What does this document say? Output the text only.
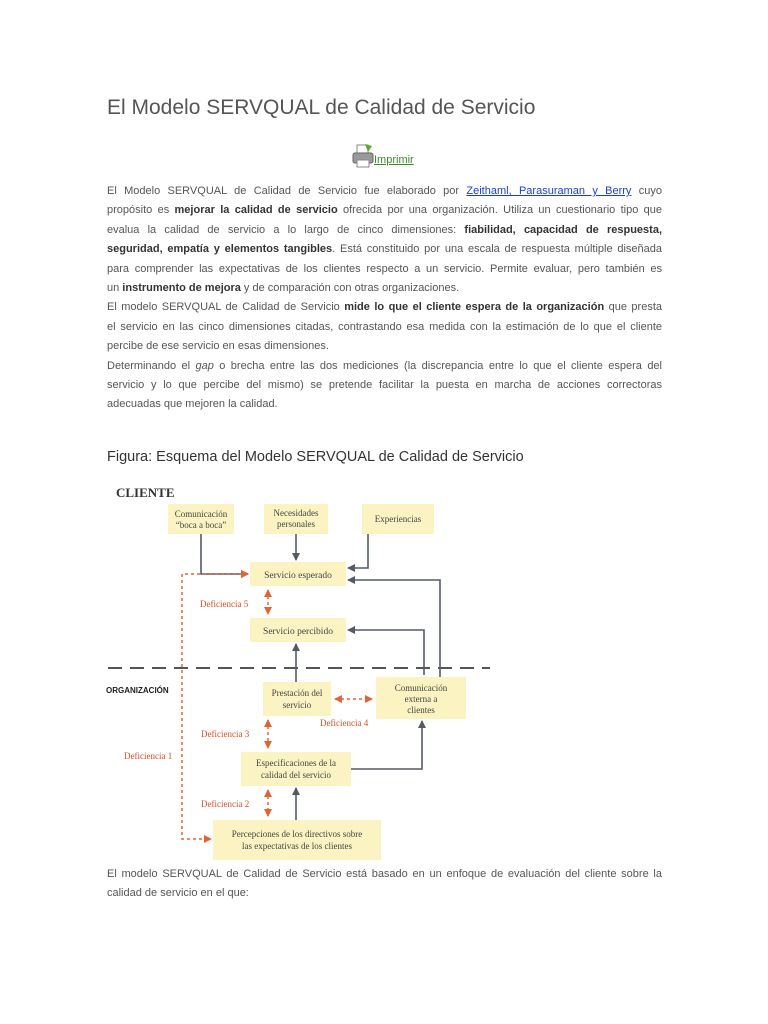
El Modelo SERVQUAL de Calidad de Servicio
Imprimir
El Modelo SERVQUAL de Calidad de Servicio fue elaborado por Zeithaml, Parasuraman y Berry cuyo
propósito es mejorar la calidad de servicio ofrecida por una organización. Utiliza un cuestionario tipo que
evalua la calidad de servicio a lo largo de cinco dimensiones: fiabilidad, capacidad de respuesta,
seguridad, empatía y elementos tangibles. Está constituido por una escala de respuesta múltiple diseñada
para comprender las expectativas de los clientes respecto a un servicio. Permite evaluar, pero también es
un instrumento de mejora y de comparación con otras organizaciones.
El modelo SERVQUAL de Calidad de Servicio mide lo que el cliente espera de la organización que presta
el servicio en las cinco dimensiones citadas, contrastando esa medida con la estimación de lo que el cliente
percibe de ese servicio en esas dimensiones.
Determinando el gap o brecha entre las dos mediciones (la discrepancia entre lo que el cliente espera del
servicio y lo que percibe del mismo) se pretende facilitar la puesta en marcha de acciones correctoras
adecuadas que mejoren la calidad.
Figura: Esquema del Modelo SERVQUAL de Calidad de Servicio
CLIENTE
ORGANIZACIÓN
Comunicación
“boca a boca”
Necesidades
personales	Experiencias
Servicio esperado
Servicio percibido
Prestación del
servicio
Comunicación
externa a
clientes
Especificaciones de la
calidad del servicio
Percepciones de los directivos sobre
las expectativas de los clientes
Deficiencia 5
Deficiencia 4
Deficiencia 3
Deficiencia 1
Deficiencia 2
El modelo SERVQUAL de Calidad de Servicio está basado en un enfoque de evaluación del cliente sobre la
calidad de servicio en el que:
